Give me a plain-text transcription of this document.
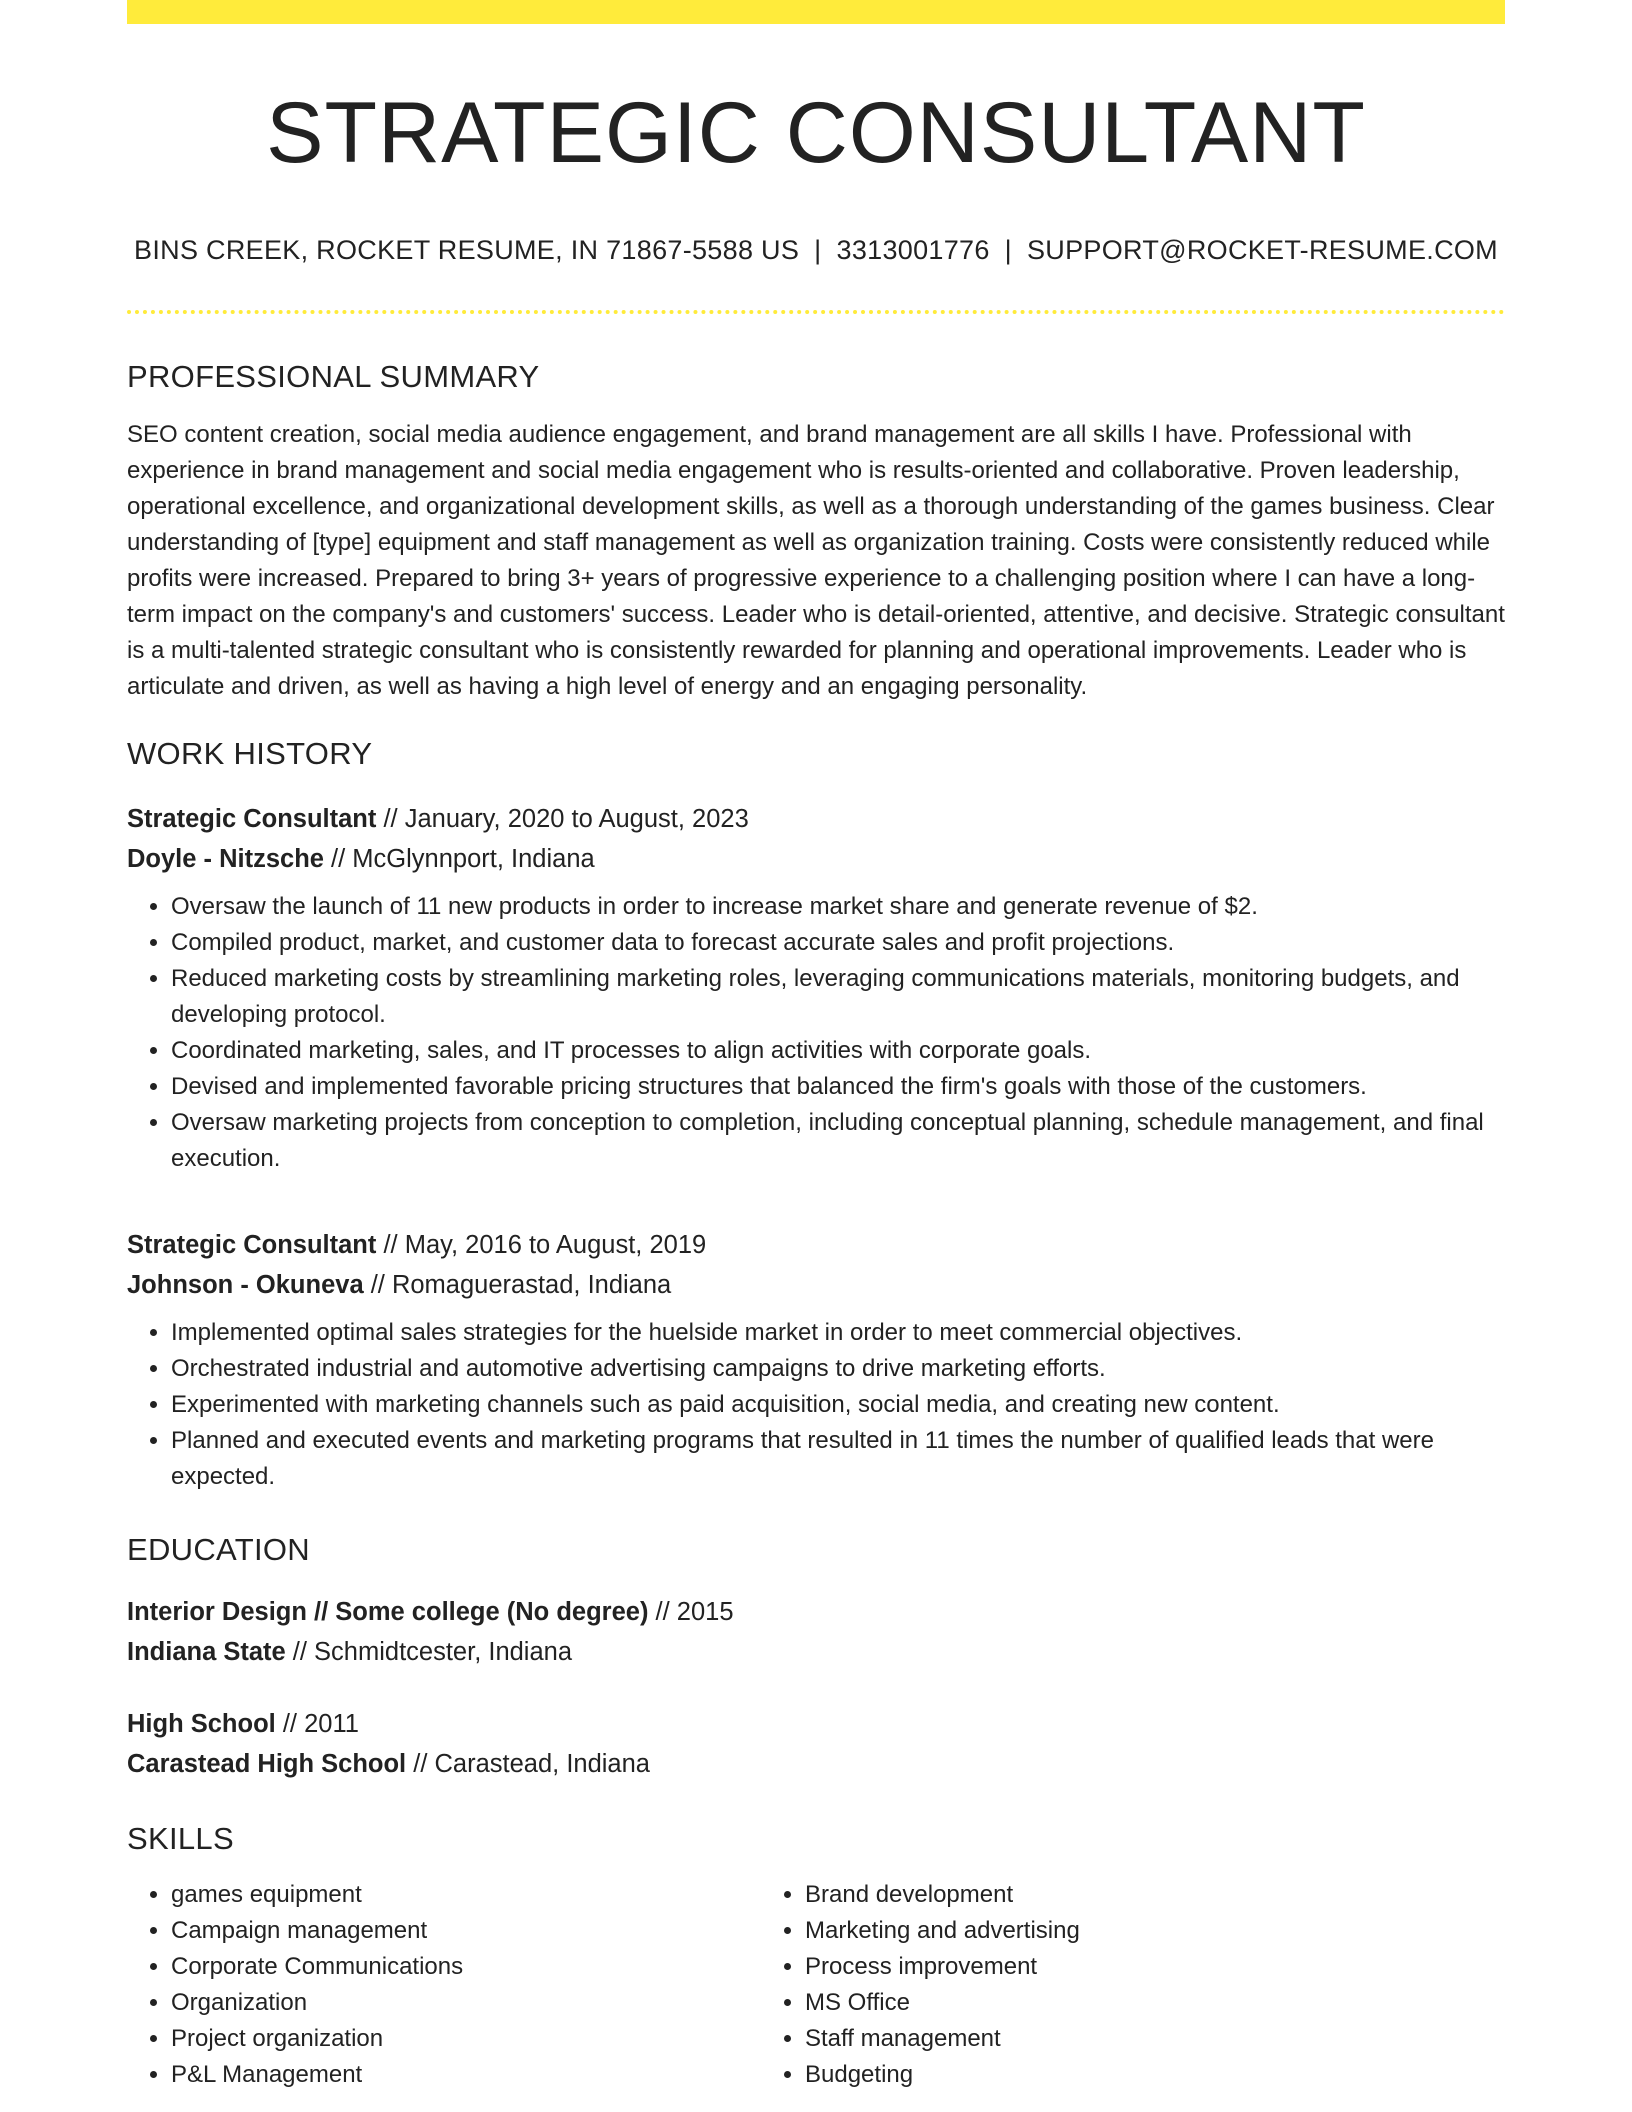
STRATEGIC CONSULTANT
BINS CREEK, ROCKET RESUME, IN 71867-5588 US | 3313001776 | SUPPORT@ROCKET-RESUME.COM
PROFESSIONAL SUMMARY

SEO content creation, social media audience engagement, and brand management are all skills I have. Professional with experience in brand management and social media engagement who is results-oriented and collaborative. Proven leadership, operational excellence, and organizational development skills, as well as a thorough understanding of the games business. Clear understanding of [type] equipment and staff management as well as organization training. Costs were consistently reduced while profits were increased. Prepared to bring 3+ years of progressive experience to a challenging position where I can have a long-term impact on the company's and customers' success. Leader who is detail-oriented, attentive, and decisive. Strategic consultant is a multi-talented strategic consultant who is consistently rewarded for planning and operational improvements. Leader who is articulate and driven, as well as having a high level of energy and an engaging personality.

WORK HISTORY
Strategic Consultant // January, 2020 to August, 2023
Doyle - Nitzsche // McGlynnport, Indiana
• Oversaw the launch of 11 new products in order to increase market share and generate revenue of $2.
• Compiled product, market, and customer data to forecast accurate sales and profit projections.
• Reduced marketing costs by streamlining marketing roles, leveraging communications materials, monitoring budgets, and developing protocol.
• Coordinated marketing, sales, and IT processes to align activities with corporate goals.
• Devised and implemented favorable pricing structures that balanced the firm's goals with those of the customers.
• Oversaw marketing projects from conception to completion, including conceptual planning, schedule management, and final execution.
Strategic Consultant // May, 2016 to August, 2019
Johnson - Okuneva // Romaguerastad, Indiana
• Implemented optimal sales strategies for the huelside market in order to meet commercial objectives.
• Orchestrated industrial and automotive advertising campaigns to drive marketing efforts.
• Experimented with marketing channels such as paid acquisition, social media, and creating new content.
• Planned and executed events and marketing programs that resulted in 11 times the number of qualified leads that were expected.
EDUCATION
Interior Design // Some college (No degree) // 2015
Indiana State // Schmidtcester, Indiana
High School // 2011
Carastead High School // Carastead, Indiana
SKILLS
• games equipment
• Campaign management
• Corporate Communications
• Organization
• Project organization
• P&L Management
• Brand development
• Marketing and advertising
• Process improvement
• MS Office
• Staff management
• Budgeting
